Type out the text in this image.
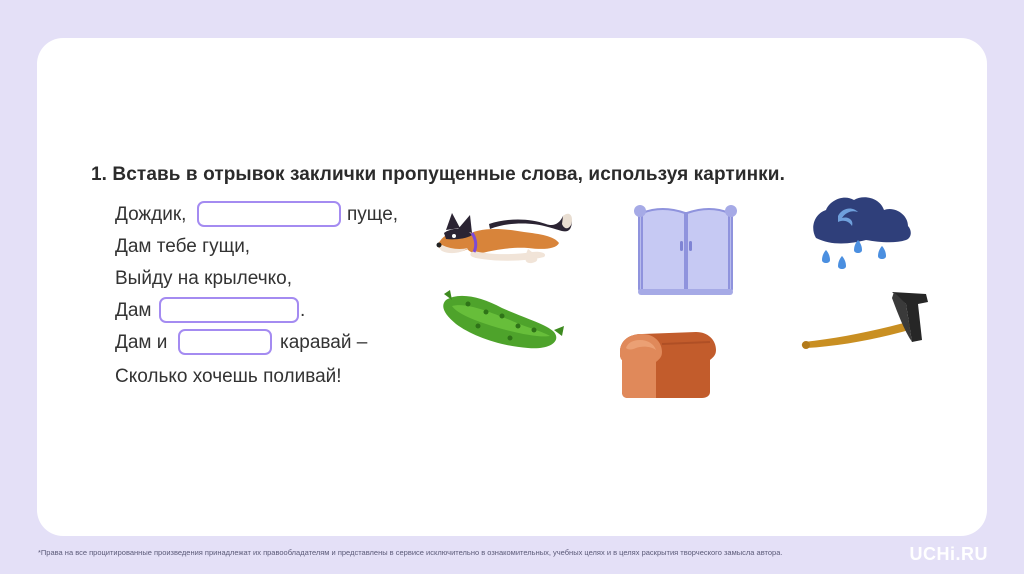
1. Вставь в отрывок заклички пропущенные слова, используя картинки.
Дождик,	пуще,
Дам тебе гущи,
Выйду на крылечко,
Дам	.
Дам и	каравай –
Сколько хочешь поливай!
*Права на все процитированные произведения принадлежат их правообладателям и представлены в сервисе исключительно в ознакомительных, учебных целях и в целях раскрытия творческого замысла автора.	UCHi.RU
